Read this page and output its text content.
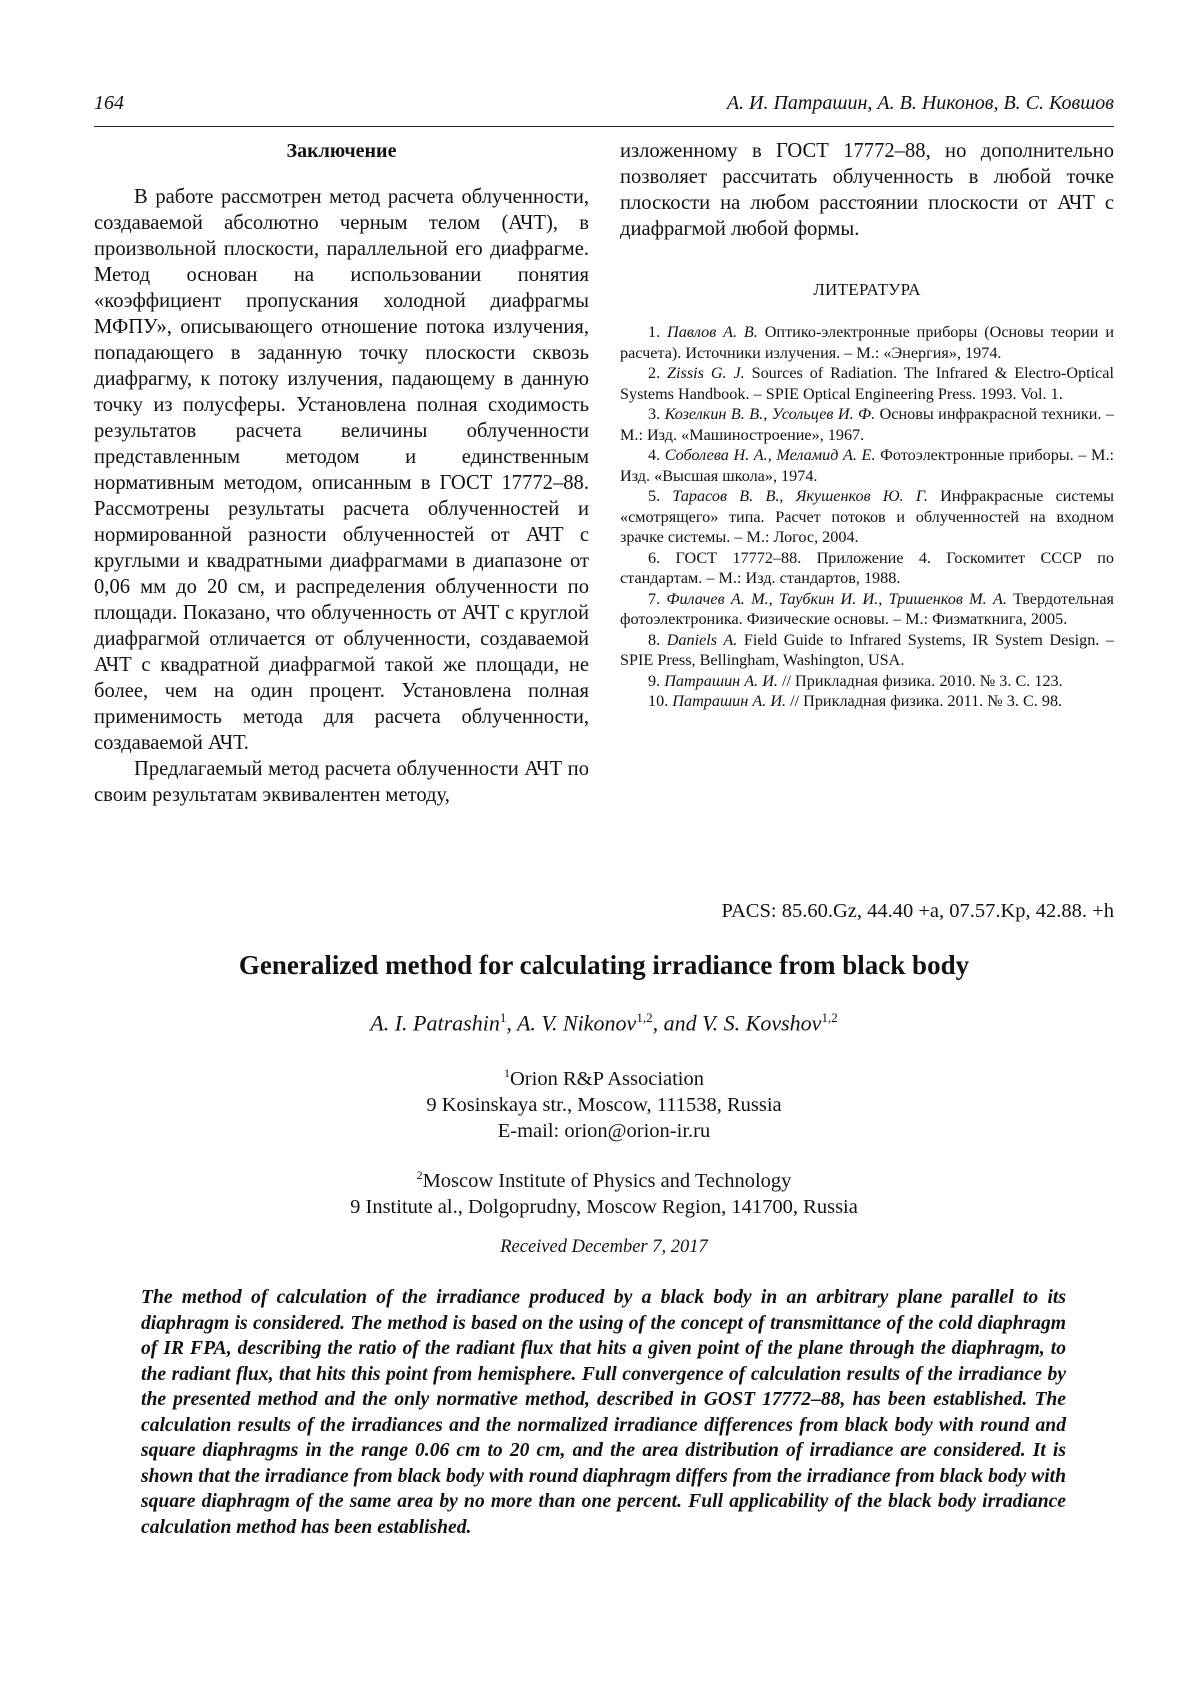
164	А. И. Патрашин, А. В. Никонов, В. С. Ковшов
Заключение

В работе рассмотрен метод расчета облученности, создаваемой абсолютно черным телом (АЧТ), в произвольной плоскости, параллельной его диафрагме. Метод основан на использовании понятия «коэффициент пропускания холодной диафрагмы МФПУ», описывающего отношение потока излучения, попадающего в заданную точку плоскости сквозь диафрагму, к потоку излучения, падающему в данную точку из полусферы. Установлена полная сходимость результатов расчета величины облученности представленным методом и единственным нормативным методом, описанным в ГОСТ 17772–88. Рассмотрены результаты расчета облученностей и нормированной разности облученностей от АЧТ с круглыми и квадратными диафрагмами в диапазоне от 0,06 мм до 20 см, и распределения облученности по площади. Показано, что облученность от АЧТ с круглой диафрагмой отличается от облученности, создаваемой АЧТ с квадратной диафрагмой такой же площади, не более, чем на один процент. Установлена полная применимость метода для расчета облученности, создаваемой АЧТ.

Предлагаемый метод расчета облученности АЧТ по своим результатам эквивалентен методу,

изложенному в ГОСТ 17772–88, но дополнительно позволяет рассчитать облученность в любой точке плоскости на любом расстоянии плоскости от АЧТ с диафрагмой любой формы.

ЛИТЕРАТУРА
1. Павлов А. В. Оптико-электронные приборы (Основы теории и расчета). Источники излучения. – М.: «Энергия», 1974.
2. Zissis G. J. Sources of Radiation. The Infrared & Electro-Optical Systems Handbook. – SPIE Optical Engineering Press. 1993. Vol. 1.
3. Козелкин В. В., Усольцев И. Ф. Основы инфракрасной техники. – М.: Изд. «Машиностроение», 1967.
4. Соболева Н. А., Меламид А. Е. Фотоэлектронные приборы. – М.: Изд. «Высшая школа», 1974.
5. Тарасов В. В., Якушенков Ю. Г. Инфракрасные системы «смотрящего» типа. Расчет потоков и облученностей на входном зрачке системы. – М.: Логос, 2004.
6. ГОСТ 17772–88. Приложение 4. Госкомитет СССР по стандартам. – М.: Изд. стандартов, 1988.
7. Филачев А. М., Таубкин И. И., Тришенков М. А. Твердотельная фотоэлектроника. Физические основы. – М.: Физматкнига, 2005.
8. Daniels A. Field Guide to Infrared Systems, IR System Design. – SPIE Press, Bellingham, Washington, USA.
9. Патрашин А. И. // Прикладная физика. 2010. № 3. С. 123.
10. Патрашин А. И. // Прикладная физика. 2011. № 3. С. 98.
PACS: 85.60.Gz, 44.40 +a, 07.57.Kp, 42.88. +h
Generalized method for calculating irradiance from black body
A. I. Patrashin$^1$, A. V. Nikonov$^{1,2}$, and V. S. Kovshov$^{1,2}$
$^1$Orion R&P Association
9 Kosinskaya str., Moscow, 111538, Russia
E-mail: orion@orion-ir.ru
$^2$Moscow Institute of Physics and Technology
9 Institute al., Dolgoprudny, Moscow Region, 141700, Russia
Received December 7, 2017
The method of calculation of the irradiance produced by a black body in an arbitrary plane parallel to its diaphragm is considered. The method is based on the using of the concept of transmittance of the cold diaphragm of IR FPA, describing the ratio of the radiant flux that hits a given point of the plane through the diaphragm, to the radiant flux, that hits this point from hemisphere. Full convergence of calculation results of the irradiance by the presented method and the only normative method, described in GOST 17772–88, has been established. The calculation results of the irradiances and the normalized irradiance differences from black body with round and square diaphragms in the range 0.06 cm to 20 cm, and the area distribution of irradiance are considered. It is shown that the irradiance from black body with round diaphragm differs from the irradiance from black body with square diaphragm of the same area by no more than one percent. Full applicability of the black body irradiance calculation method has been established.
